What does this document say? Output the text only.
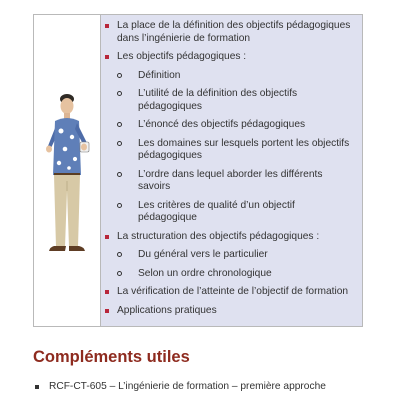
La place de la définition des objectifs pédagogiques dans l’ingénierie de formation
Les objectifs pédagogiques :
Définition
L’utilité de la définition des objectifs pédagogiques
L’énoncé des objectifs pédagogiques
Les domaines sur lesquels portent les objectifs pédagogiques
L’ordre dans lequel aborder les différents savoirs
Les critères de qualité d’un objectif pédagogique
La structuration des objectifs pédagogiques :
Du général vers le particulier
Selon un ordre chronologique
La vérification de l’atteinte de l’objectif de formation
Applications pratiques
Compléments utiles
RCF-CT-605 – L’ingénierie de formation – première approche
